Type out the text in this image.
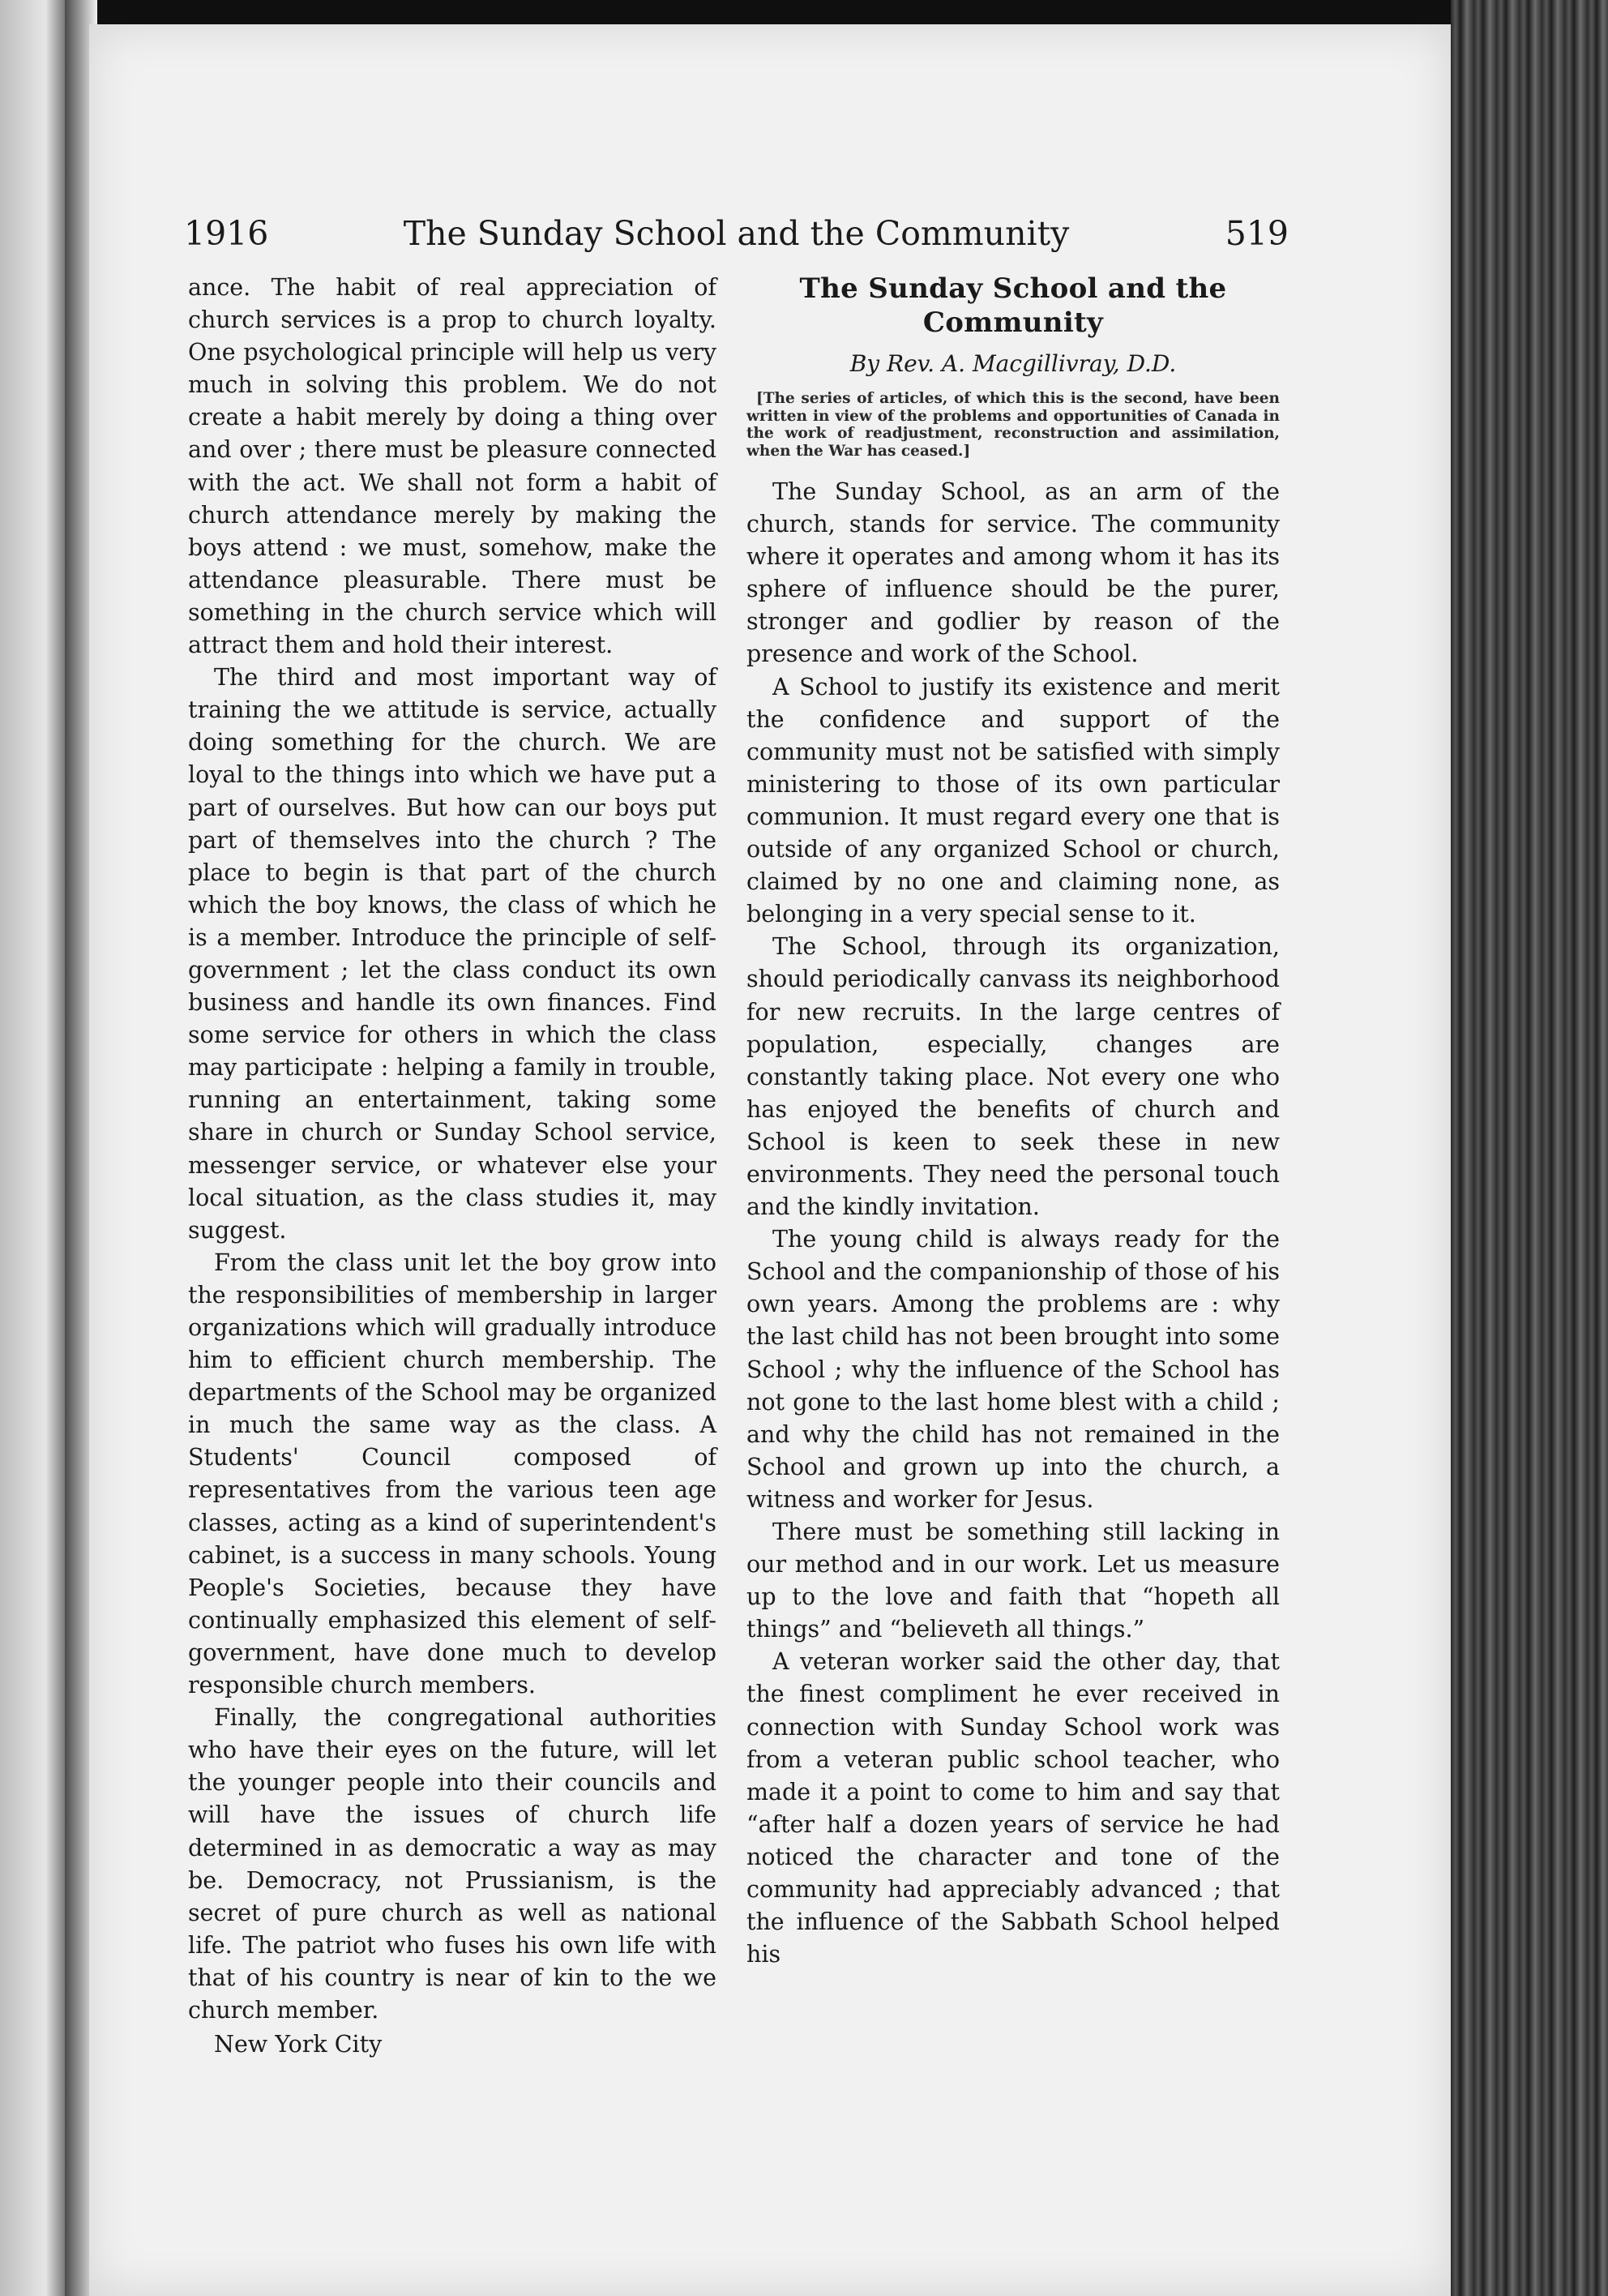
1916	The Sunday School and the Community	519

ance. The habit of real appreciation of church services is a prop to church loyalty. One psychological principle will help us very much in solving this problem. We do not create a habit merely by doing a thing over and over ; there must be pleasure connected with the act. We shall not form a habit of church attendance merely by making the boys attend : we must, somehow, make the attendance pleasurable. There must be something in the church service which will attract them and hold their interest.

The third and most important way of training the we attitude is service, actually doing something for the church. We are loyal to the things into which we have put a part of ourselves. But how can our boys put part of themselves into the church ? The place to begin is that part of the church which the boy knows, the class of which he is a member. Introduce the principle of self-government ; let the class conduct its own business and handle its own finances. Find some service for others in which the class may participate : helping a family in trouble, running an entertainment, taking some share in church or Sunday School service, messenger service, or whatever else your local situation, as the class studies it, may suggest.

From the class unit let the boy grow into the responsibilities of membership in larger organizations which will gradually introduce him to efficient church membership. The departments of the School may be organized in much the same way as the class. A Students' Council composed of representatives from the various teen age classes, acting as a kind of superintendent's cabinet, is a success in many schools. Young People's Societies, because they have continually emphasized this element of self-government, have done much to develop responsible church members.

Finally, the congregational authorities who have their eyes on the future, will let the younger people into their councils and will have the issues of church life determined in as democratic a way as may be. Democracy, not Prussianism, is the secret of pure church as well as national life. The patriot who fuses his own life with that of his country is near of kin to the we church member.

New York City

The Sunday School and the Community
By Rev. A. Macgillivray, D.D.
[The series of articles, of which this is the second, have been written in view of the problems and opportunities of Canada in the work of readjustment, reconstruction and assimilation, when the War has ceased.]

The Sunday School, as an arm of the church, stands for service. The community where it operates and among whom it has its sphere of influence should be the purer, stronger and godlier by reason of the presence and work of the School.

A School to justify its existence and merit the confidence and support of the community must not be satisfied with simply ministering to those of its own particular communion. It must regard every one that is outside of any organized School or church, claimed by no one and claiming none, as belonging in a very special sense to it.

The School, through its organization, should periodically canvass its neighborhood for new recruits. In the large centres of population, especially, changes are constantly taking place. Not every one who has enjoyed the benefits of church and School is keen to seek these in new environments. They need the personal touch and the kindly invitation.

The young child is always ready for the School and the companionship of those of his own years. Among the problems are : why the last child has not been brought into some School ; why the influence of the School has not gone to the last home blest with a child ; and why the child has not remained in the School and grown up into the church, a witness and worker for Jesus.

There must be something still lacking in our method and in our work. Let us measure up to the love and faith that “hopeth all things” and “believeth all things.”

A veteran worker said the other day, that the finest compliment he ever received in connection with Sunday School work was from a veteran public school teacher, who made it a point to come to him and say that “after half a dozen years of service he had noticed the character and tone of the community had appreciably advanced ; that the influence of the Sabbath School helped his
